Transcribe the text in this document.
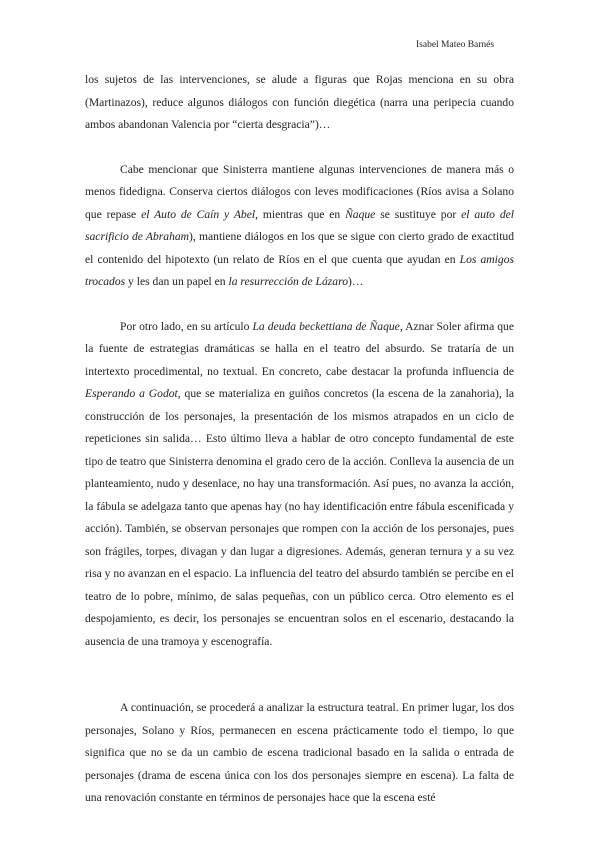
Isabel Mateo Barnés

los sujetos de las intervenciones, se alude a figuras que Rojas menciona en su obra (Martinazos), reduce algunos diálogos con función diegética (narra una peripecia cuando ambos abandonan Valencia por “cierta desgracia”)…

Cabe mencionar que Sinisterra mantiene algunas intervenciones de manera más o menos fidedigna. Conserva ciertos diálogos con leves modificaciones (Ríos avisa a Solano que repase el Auto de Caín y Abel, mientras que en Ñaque se sustituye por el auto del sacrificio de Abraham), mantiene diálogos en los que se sigue con cierto grado de exactitud el contenido del hipotexto (un relato de Ríos en el que cuenta que ayudan en Los amigos trocados y les dan un papel en la resurrección de Lázaro)…

Por otro lado, en su artículo La deuda beckettiana de Ñaque, Aznar Soler afirma que la fuente de estrategias dramáticas se halla en el teatro del absurdo. Se trataría de un intertexto procedimental, no textual. En concreto, cabe destacar la profunda influencia de Esperando a Godot, que se materializa en guiños concretos (la escena de la zanahoria), la construcción de los personajes, la presentación de los mismos atrapados en un ciclo de repeticiones sin salida… Esto último lleva a hablar de otro concepto fundamental de este tipo de teatro que Sinisterra denomina el grado cero de la acción. Conlleva la ausencia de un planteamiento, nudo y desenlace, no hay una transformación. Así pues, no avanza la acción, la fábula se adelgaza tanto que apenas hay (no hay identificación entre fábula escenificada y acción). También, se observan personajes que rompen con la acción de los personajes, pues son frágiles, torpes, divagan y dan lugar a digresiones. Además, generan ternura y a su vez risa y no avanzan en el espacio. La influencia del teatro del absurdo también se percibe en el teatro de lo pobre, mínimo, de salas pequeñas, con un público cerca. Otro elemento es el despojamiento, es decir, los personajes se encuentran solos en el escenario, destacando la ausencia de una tramoya y escenografía.

A continuación, se procederá a analizar la estructura teatral. En primer lugar, los dos personajes, Solano y Ríos, permanecen en escena prácticamente todo el tiempo, lo que significa que no se da un cambio de escena tradicional basado en la salida o entrada de personajes (drama de escena única con los dos personajes siempre en escena). La falta de una renovación constante en términos de personajes hace que la escena esté
